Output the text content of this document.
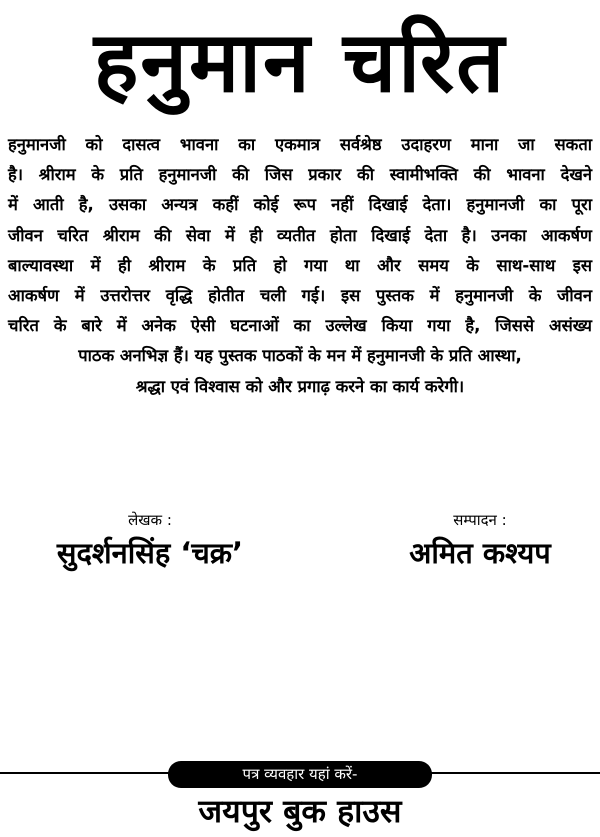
हनुमान चरित
हनुमानजी को दासत्व भावना का एकमात्र सर्वश्रेष्ठ उदाहरण माना जा सकता
है। श्रीराम के प्रति हनुमानजी की जिस प्रकार की स्वामीभक्ति की भावना देखने
में आती है, उसका अन्यत्र कहीं कोई रूप नहीं दिखाई देता। हनुमानजी का पूरा
जीवन चरित श्रीराम की सेवा में ही व्यतीत होता दिखाई देता है। उनका आकर्षण
बाल्यावस्था में ही श्रीराम के प्रति हो गया था और समय के साथ-साथ इस
आकर्षण में उत्तरोत्तर वृद्धि होतीत चली गई। इस पुस्तक में हनुमानजी के जीवन
चरित के बारे में अनेक ऐसी घटनाओं का उल्लेख किया गया है, जिससे असंख्य
पाठक अनभिज्ञ हैं। यह पुस्तक पाठकों के मन में हनुमानजी के प्रति आस्था,
श्रद्धा एवं विश्वास को और प्रगाढ़ करने का कार्य करेगी।
लेखक :
सुदर्शनसिंह ‘चक्र’
सम्पादन :
अमित कश्यप
पत्र व्यवहार यहां करें-
जयपुर बुक हाउस
